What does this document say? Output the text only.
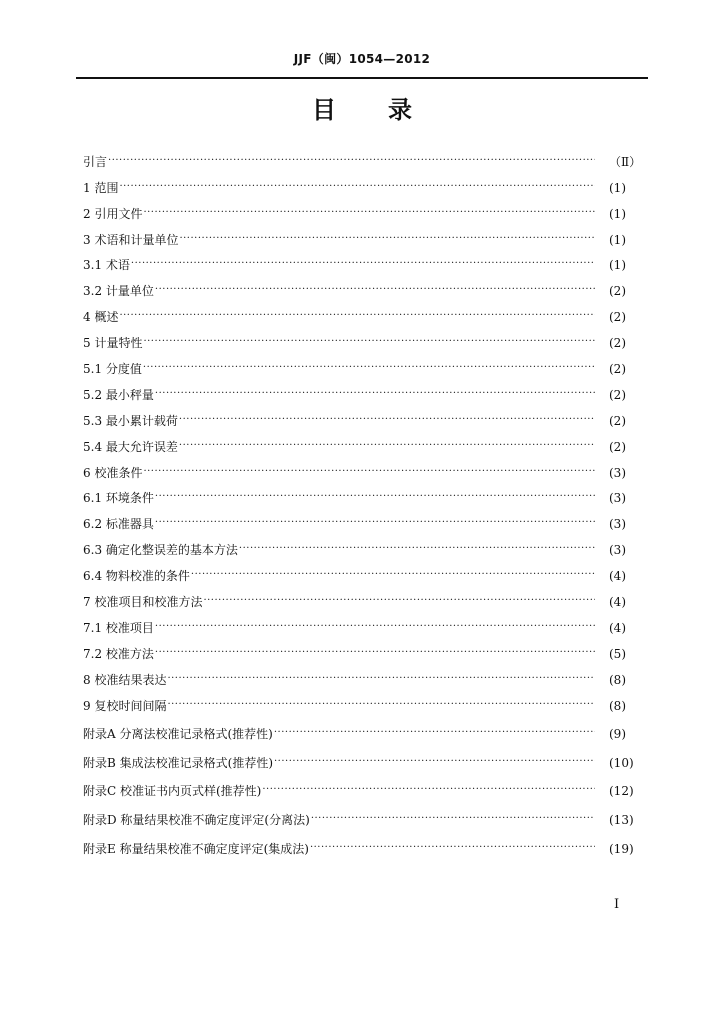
JJF（闽）1054—2012
目 录
引言 ·····	（Ⅱ）
1 范围 ·····	(1)
2 引用文件 ·····	(1)
3 术语和计量单位 ·····	(1)
3.1 术语 ·····	(1)
3.2 计量单位 ·····	(2)
4 概述 ·····	(2)
5 计量特性 ·····	(2)
5.1 分度值 ·····	(2)
5.2 最小秤量 ·····	(2)
5.3 最小累计载荷 ·····	(2)
5.4 最大允许误差 ·····	(2)
6 校准条件 ·····	(3)
6.1 环境条件 ·····	(3)
6.2 标准器具 ·····	(3)
6.3 确定化整误差的基本方法 ·····	(3)
6.4 物料校准的条件 ·····	(4)
7 校准项目和校准方法 ·····	(4)
7.1 校准项目 ·····	(4)
7.2 校准方法 ·····	(5)
8 校准结果表达 ·····	(8)
9 复校时间间隔 ·····	(8)
附录A 分离法校准记录格式(推荐性) ·····	(9)
附录B 集成法校准记录格式(推荐性) ·····	(10)
附录C 校准证书内页式样(推荐性) ·····	(12)
附录D 称量结果校准不确定度评定(分离法) ·····	(13)
附录E 称量结果校准不确定度评定(集成法) ·····	(19)
I
